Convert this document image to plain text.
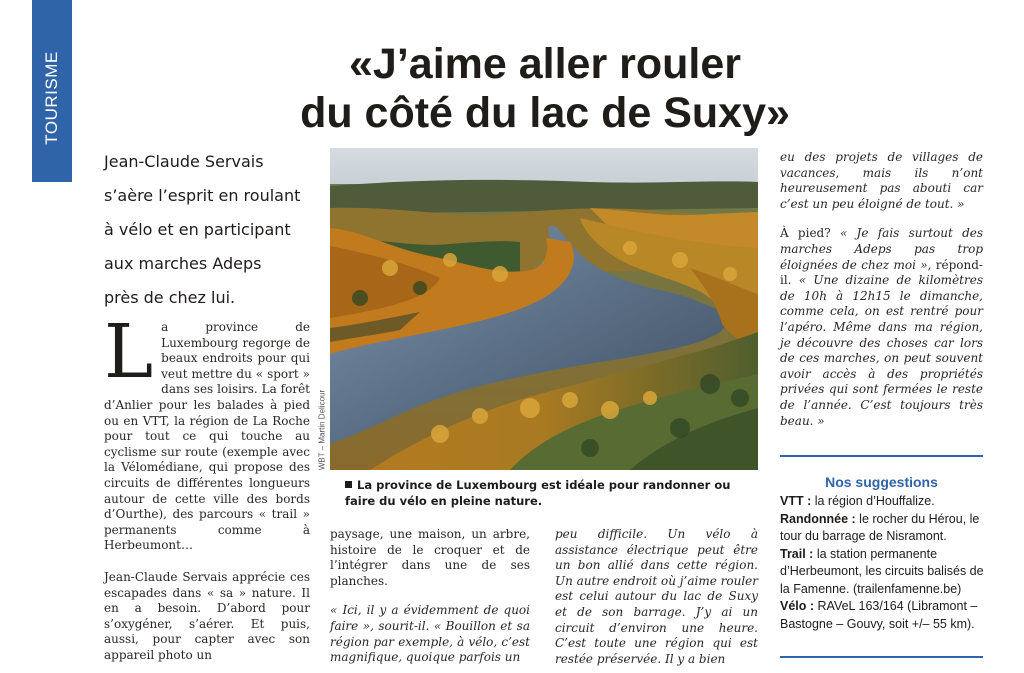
TOURISME	«J’aime aller rouler
du côté du lac de Suxy»
Jean-Claude Servais
s’aère l’esprit en roulant
à vélo et en participant
aux marches Adeps
près de chez lui.

La province de Luxembourg regorge de beaux endroits pour qui veut mettre du « sport » dans ses loisirs. La forêt d’Anlier pour les balades à pied ou en VTT, la région de La Roche pour tout ce qui touche au cyclisme sur route (exemple avec la Vélomédiane, qui propose des circuits de différentes longueurs autour de cette ville des bords d’Ourthe), des parcours « trail » permanents comme à Herbeumont…

Jean-Claude Servais apprécie ces escapades dans « sa » nature. Il en a besoin. D’abord pour s’oxygéner, s’aérer. Et puis, aussi, pour capter avec son appareil photo un

WBT – Martin Delicour
La province de Luxembourg est idéale pour randonner ou faire du vélo en pleine nature.

paysage, une maison, un arbre, histoire de le croquer et de l’intégrer dans une de ses planches.

« Ici, il y a évidemment de quoi faire », sourit-il. « Bouillon et sa région par exemple, à vélo, c’est magnifique, quoique parfois un

peu difficile. Un vélo à assistance électrique peut être un bon allié dans cette région. Un autre endroit où j’aime rouler est celui autour du lac de Suxy et de son barrage. J’y ai un circuit d’environ une heure. C’est toute une région qui est restée préservée. Il y a bien

eu des projets de villages de vacances, mais ils n’ont heureusement pas abouti car c’est un peu éloigné de tout. »

À pied? « Je fais surtout des marches Adeps pas trop éloignées de chez moi », répond-il. « Une dizaine de kilomètres de 10h à 12h15 le dimanche, comme cela, on est rentré pour l’apéro. Même dans ma région, je découvre des choses car lors de ces marches, on peut souvent avoir accès à des propriétés privées qui sont fermées le reste de l’année. C’est toujours très beau. »

Nos suggestions
VTT : la région d’Houffalize.
Randonnée : le rocher du Hérou, le tour du barrage de Nisramont.
Trail : la station permanente d’Herbeumont, les circuits balisés de la Famenne. (trailenfamenne.be)
Vélo : RAVeL 163/164 (Libramont – Bastogne – Gouvy, soit +/– 55 km).
